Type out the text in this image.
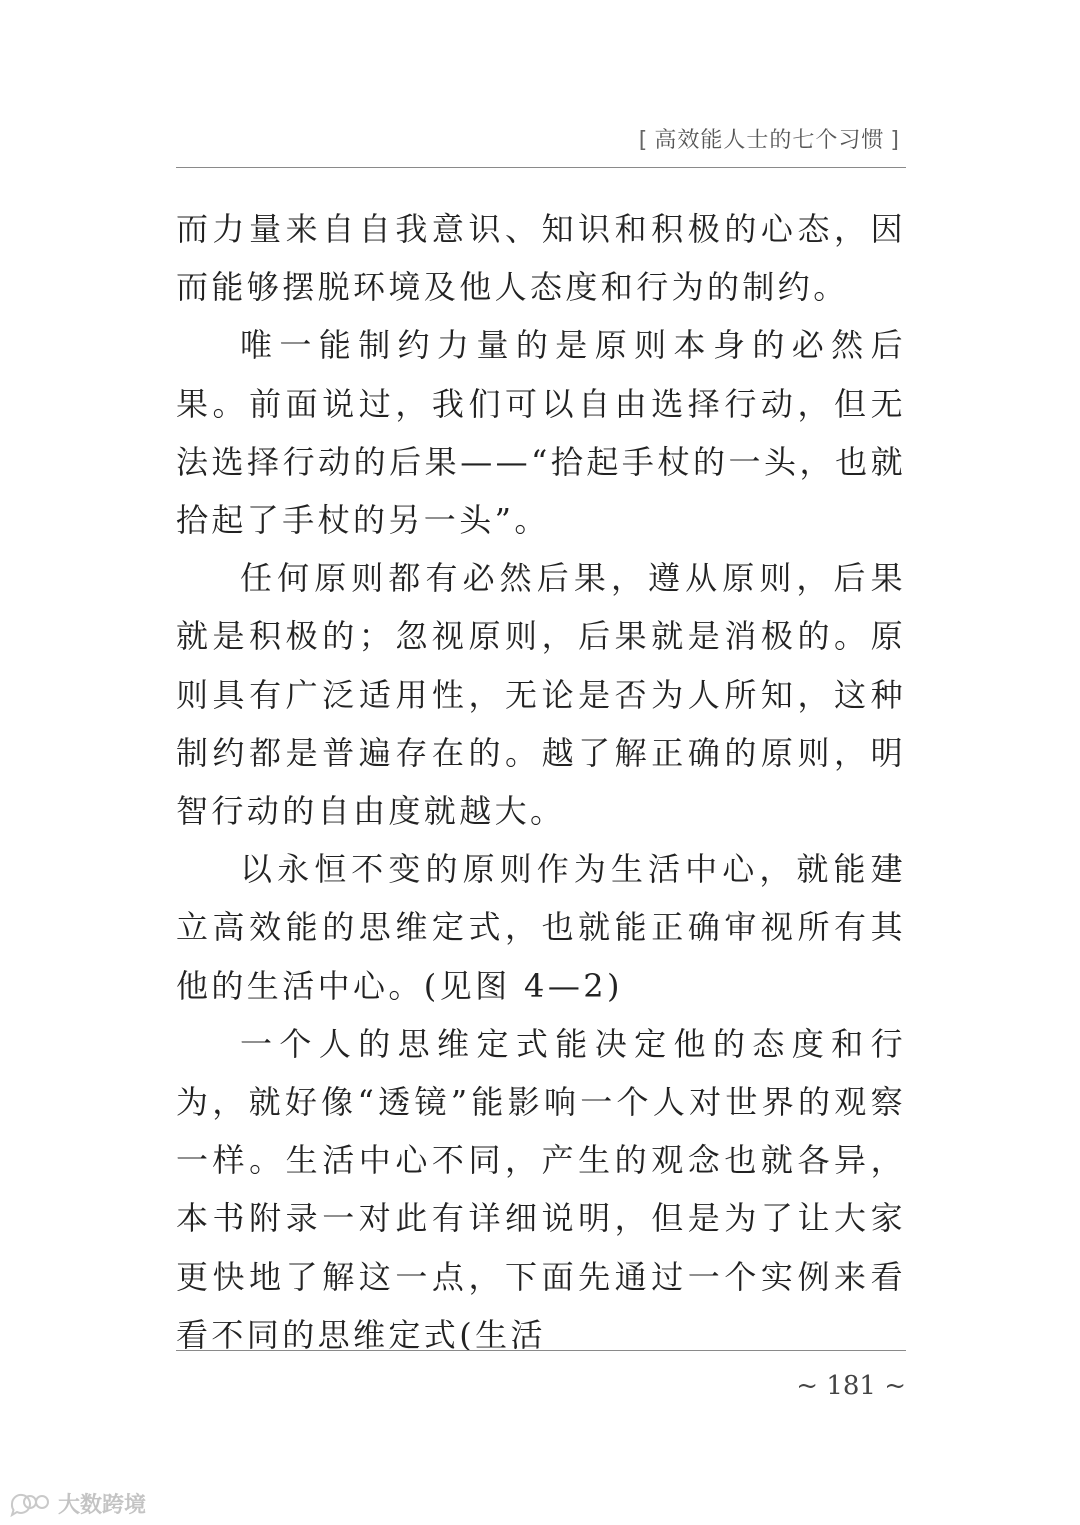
[ 高效能人士的七个习惯 ]

而力量来自自我意识、知识和积极的心态，因而能够摆脱环境及他人态度和行为的制约。

唯一能制约力量的是原则本身的必然后果。前面说过，我们可以自由选择行动，但无法选择行动的后果——“拾起手杖的一头，也就拾起了手杖的另一头”。

任何原则都有必然后果，遵从原则，后果就是积极的；忽视原则，后果就是消极的。原则具有广泛适用性，无论是否为人所知，这种制约都是普遍存在的。越了解正确的原则，明智行动的自由度就越大。

以永恒不变的原则作为生活中心，就能建立高效能的思维定式，也就能正确审视所有其他的生活中心。(见图 4—2)

一个人的思维定式能决定他的态度和行为，就好像“透镜”能影响一个人对世界的观察一样。生活中心不同，产生的观念也就各异，本书附录一对此有详细说明，但是为了让大家更快地了解这一点，下面先通过一个实例来看看不同的思维定式(生活

~ 181 ~
大数跨境
